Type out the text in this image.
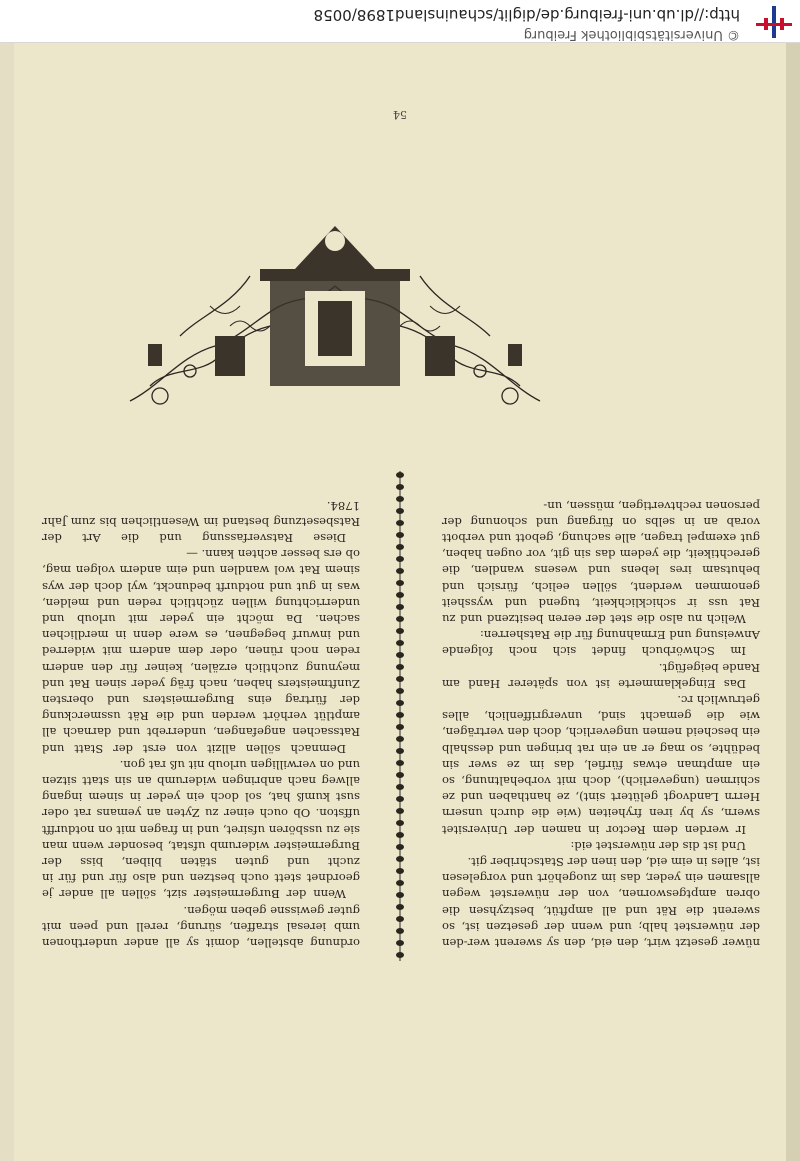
54

nüwer gesetzt wirt, den eid, den sy swerent wer-den der nüwerstet halb; und wenn der gesetzen ist, so swerent die Rät und all ampftüt, bestzyhsen die obren amptgeswornen, von der nüwerstet wegen allsamen ein yeder, das im zuogehört und vorgelesen ist, alles in eim eid, den inen der Statschriber git.

Und ist dis der nüwerstet eid:

Ir werden dem Rector in namen der Universitet swern, sy by iren fryheiten (wie die durch unsern Herrn Landvogt gelütert sint), ze hanthaben und ze schirmen (ungeverlich), doch mit vorbehaltnung, so ein amptman etwas fürfiel, das im ze swer sin bedühte, so mag er an ein rat bringen und desshalb ein bescheid nemen ungeverlich, doch den verträgen, wie die gemacht sind, unvergriffenlich, alles getruwlich rc.

Das Eingeklammerte ist von späterer Hand am Rande beigefügt.

Im Schwörbuch findet sich noch folgende Anweisung und Ermahnung für die Ratsherren:

Welich nu also die stet der eeren besitzend und zu Rat uss ir schicklichkeit, tugend und wyssheit genommen werdent, söllen eelich, fürsich und behutsam ires lebens und wesens wandlen, die gerechtikeit, die yedem das sin git, vor ougen haben, gut exempel tragen, alle sachung, gebott und verbott vorab an in selbs on fürgang und schonung der personen rechtvertigen, müssen, un-

ordnung abstellen, domit sy all ander underthonen umb ieresal straffen, sürung, rerell und peen mit guter gewissne geben mögen.

Wenn der Burgermeister sizt, söllen all ander je geordnet stett ouch bestzen und also für und für in zucht und guten stäten bliben, biss der Burgermeister widerumb ufstat, besonder wenn man sie zu ussbören ufsiret, und in fragen mit on notdurfft uffston. Ob ouch einer zu Zyten an yemans rat oder sust kumß hat, sol doch ein yeder in sinem ingang allweg nach anbringen widerumb an sin statt sitzen und on verwilligen urloub nit uß rat gon.

Demnach söllen allzit von erst der Statt und Ratssachen angefangen, underrebt und darnach all amptlüt verhört werden und die Rät ussmerckung der fürtrag eins Burgermeisters und obersten Zunftmeisters haben, nach fräg yeder sinen Rat und meynung zuchtlich erzälen, keiner für den andern reden noch rünen, oder dem andern mit widerred und inwurf begegnen, es were denn in merdlichen sachen. Da möcht ein yeder mit urloub und underrichtung willen züchtlich reden und melden, was in gut und notdurft bedunckt, wyl doch der wys sinem Rat wol wandlen und eim andern volgen mag, ob ers besser achten kann. —

Diese Ratsverfassung und die Art der Ratsbesetzung bestand im Wesentlichen bis zum Jahr 1784.

© Universitätsbibliothek Freiburg
http://dl.ub.uni-freiburg.de/diglit/schauinsland1898/0058
